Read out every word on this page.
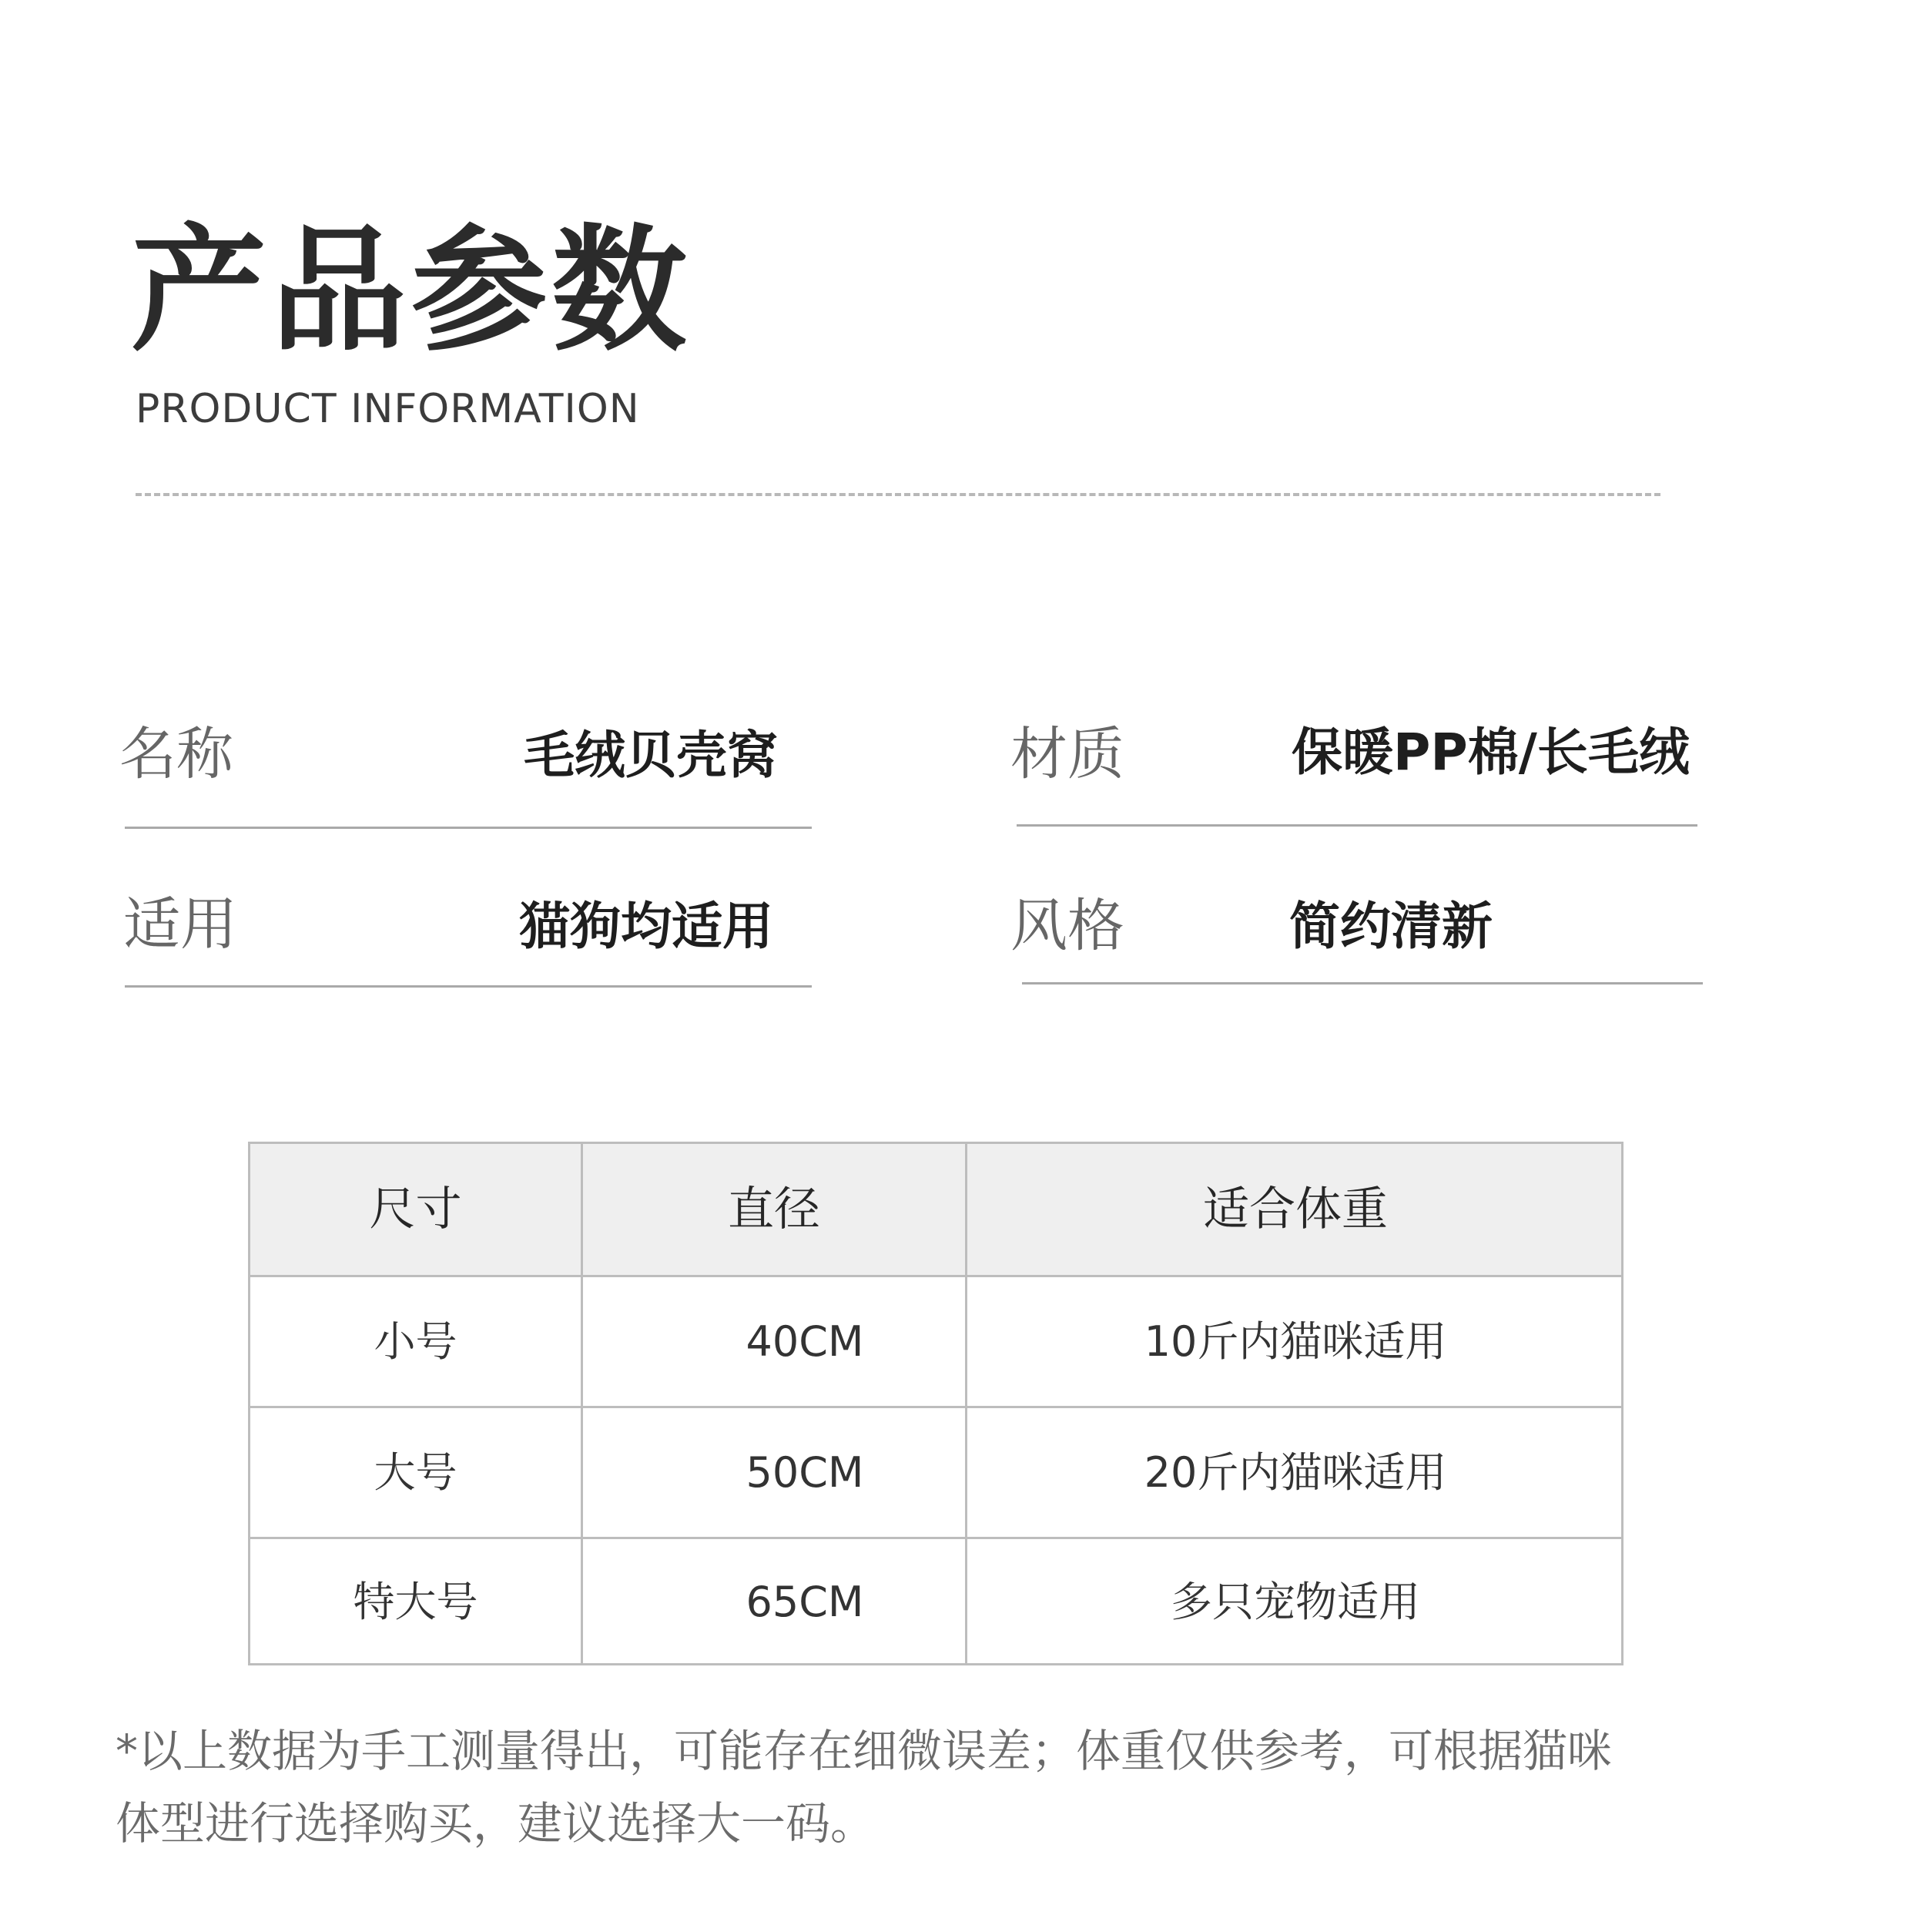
产品参数
PRODUCT INFORMATION
名称	毛绒贝壳窝	材质	保暖PP棉/长毛绒
适用	猫狗均适用	风格	简约清新
尺寸	直径	适合体重
小号	40CM	10斤内猫咪适用
大号	50CM	20斤内猫咪适用
特大号	65CM	多只宠物适用
*以上数据为手工测量得出，可能存在细微误差；体重仅供参考，可根据猫咪
体型进行选择购买，建议选择大一码。
